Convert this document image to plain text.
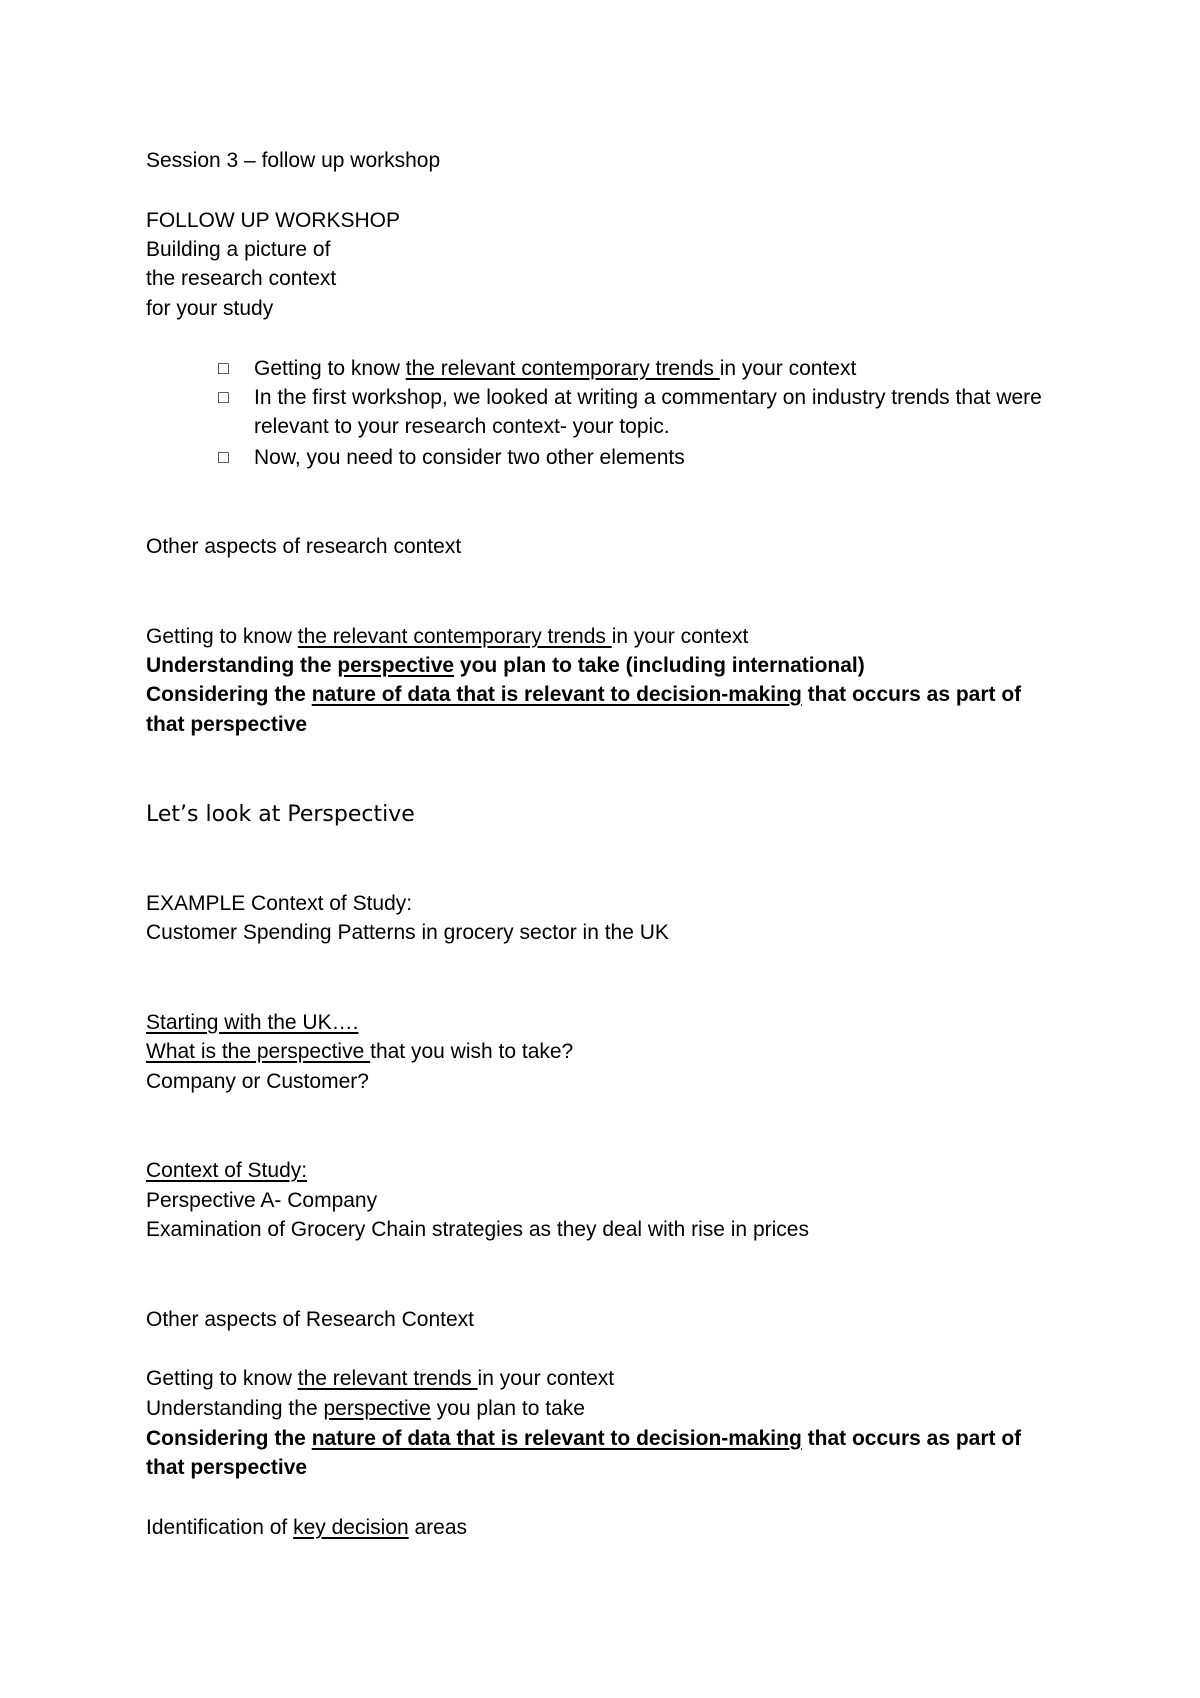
Session 3 – follow up workshop
FOLLOW UP WORKSHOP
Building a picture of
the research context
for your study
□ Getting to know the relevant contemporary trends in your context
□ In the first workshop, we looked at writing a commentary on industry trends that were relevant to your research context- your topic.
□ Now, you need to consider two other elements
Other aspects of research context
Getting to know the relevant contemporary trends in your context
Understanding the perspective you plan to take (including international)
Considering the nature of data that is relevant to decision-making that occurs as part of
that perspective
Let’s look at Perspective
EXAMPLE Context of Study:
Customer Spending Patterns in grocery sector in the UK
Starting with the UK….
What is the perspective that you wish to take?
Company or Customer?
Context of Study:
Perspective A- Company
Examination of Grocery Chain strategies as they deal with rise in prices
Other aspects of Research Context
Getting to know the relevant trends in your context
Understanding the perspective you plan to take
Considering the nature of data that is relevant to decision-making that occurs as part of
that perspective
Identification of key decision areas
